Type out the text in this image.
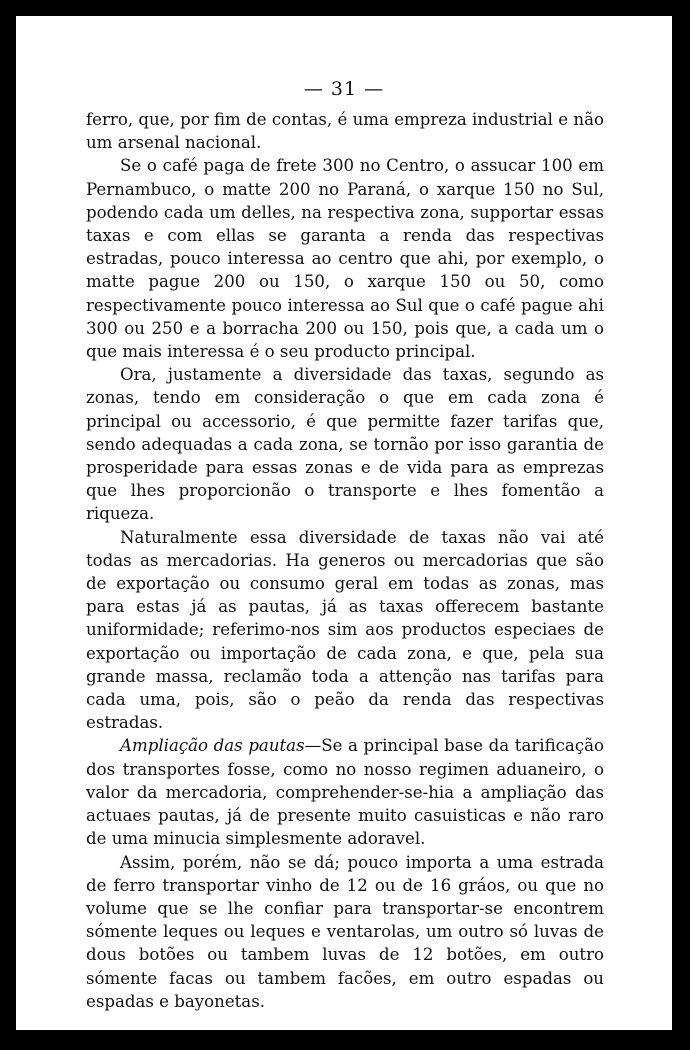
— 31 —

ferro, que, por fim de contas, é uma empreza industrial e não um arsenal nacional.

Se o café paga de frete 300 no Centro, o assucar 100 em Pernambuco, o matte 200 no Paraná, o xarque 150 no Sul, podendo cada um delles, na respectiva zona, supportar essas taxas e com ellas se garanta a renda das respectivas estradas, pouco interessa ao centro que ahi, por exemplo, o matte pague 200 ou 150, o xarque 150 ou 50, como respectivamente pouco interessa ao Sul que o café pague ahi 300 ou 250 e a borracha 200 ou 150, pois que, a cada um o que mais interessa é o seu producto principal.

Ora, justamente a diversidade das taxas, segundo as zonas, tendo em consideração o que em cada zona é principal ou accessorio, é que permitte fazer tarifas que, sendo adequadas a cada zona, se tornão por isso garantia de prosperidade para essas zonas e de vida para as emprezas que lhes proporcionão o transporte e lhes fomentão a riqueza.

Naturalmente essa diversidade de taxas não vai até todas as mercadorias. Ha generos ou mercadorias que são de exportação ou consumo geral em todas as zonas, mas para estas já as pautas, já as taxas offerecem bastante uniformidade; referimo-nos sim aos productos especiaes de exportação ou importação de cada zona, e que, pela sua grande massa, reclamão toda a attenção nas tarifas para cada uma, pois, são o peão da renda das respectivas estradas.

Ampliação das pautas—Se a principal base da tarificação dos transportes fosse, como no nosso regimen aduaneiro, o valor da mercadoria, comprehender-se-hia a ampliação das actuaes pautas, já de presente muito casuisticas e não raro de uma minucia simplesmente adoravel.

Assim, porém, não se dá; pouco importa a uma estrada de ferro transportar vinho de 12 ou de 16 gráos, ou que no volume que se lhe confiar para transportar-se encontrem sómente leques ou leques e ventarolas, um outro só luvas de dous botões ou tambem luvas de 12 botões, em outro sómente facas ou tambem facões, em outro espadas ou espadas e bayonetas.
